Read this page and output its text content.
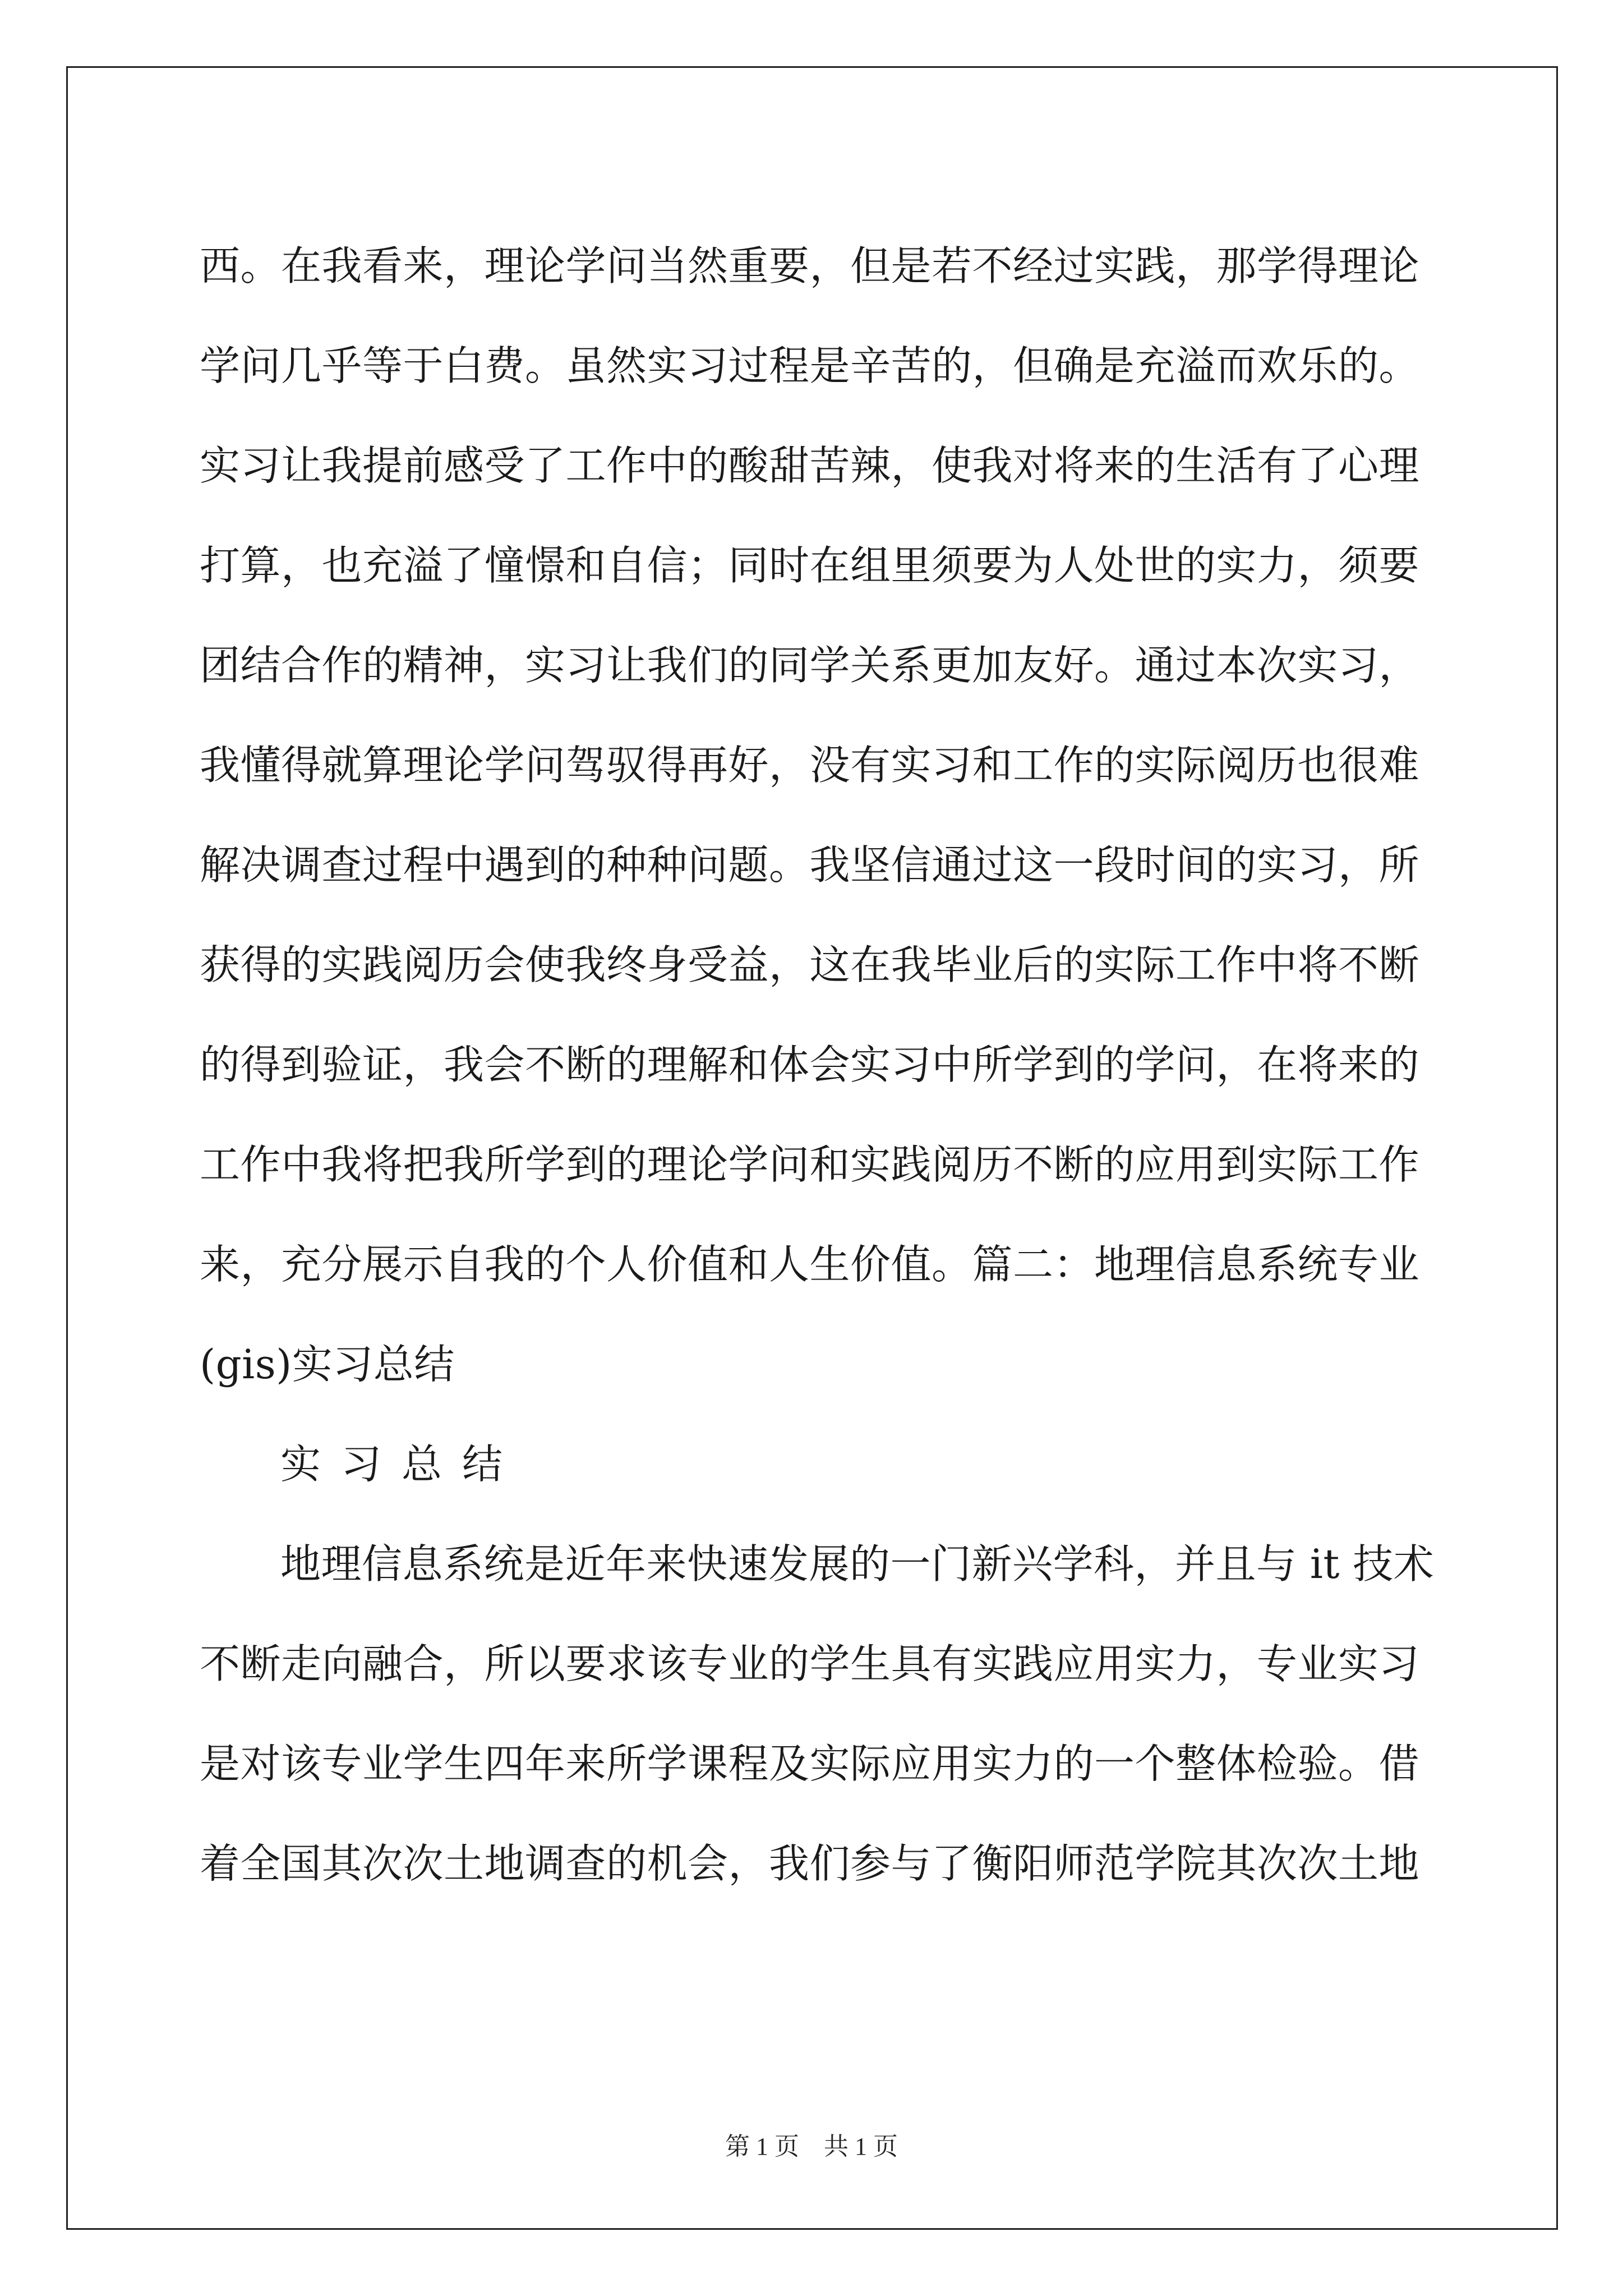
西。在我看来，理论学问当然重要，但是若不经过实践，那学得理论
学问几乎等于白费。虽然实习过程是辛苦的，但确是充溢而欢乐的。
实习让我提前感受了工作中的酸甜苦辣，使我对将来的生活有了心理
打算，也充溢了憧憬和自信；同时在组里须要为人处世的实力，须要
团结合作的精神，实习让我们的同学关系更加友好。通过本次实习，
我懂得就算理论学问驾驭得再好，没有实习和工作的实际阅历也很难
解决调查过程中遇到的种种问题。我坚信通过这一段时间的实习，所
获得的实践阅历会使我终身受益，这在我毕业后的实际工作中将不断
的得到验证，我会不断的理解和体会实习中所学到的学问，在将来的
工作中我将把我所学到的理论学问和实践阅历不断的应用到实际工作
来，充分展示自我的个人价值和人生价值。篇二：地理信息系统专业
(gis)实习总结
实习总结
地理信息系统是近年来快速发展的一门新兴学科，并且与 it 技术
不断走向融合，所以要求该专业的学生具有实践应用实力，专业实习
是对该专业学生四年来所学课程及实际应用实力的一个整体检验。借
着全国其次次土地调查的机会，我们参与了衡阳师范学院其次次土地
第 1 页    共 1 页
